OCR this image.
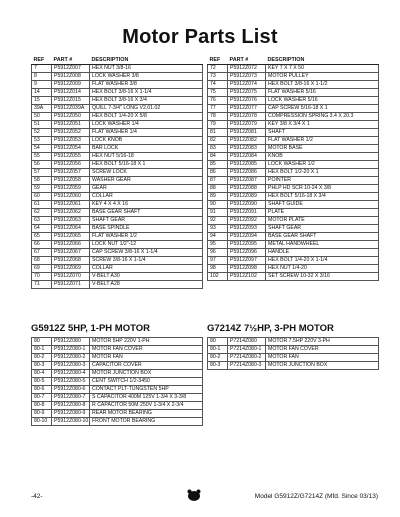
Motor Parts List
REF	PART #	DESCRIPTION
7	P5912Z007	HEX NUT 3/8-16
8	P5912Z008	LOCK WASHER 3/8
9	P5912Z009	FLAT WASHER 3/8
14	P5912Z014	HEX BOLT 3/8-16 X 1-1/4
15	P5912Z015	HEX BOLT 3/8-16 X 3/4
39A	P5912Z039A	QUILL 7-3/4" LONG V2.01.02
50	P5912Z050	HEX BOLT 1/4-20 X 5/8
51	P5912Z051	LOCK WASHER 1/4
52	P5912Z052	FLAT WASHER 1/4
53	P5912Z053	LOCK KNOB
54	P5912Z054	BAR LOCK
55	P5912Z055	HEX NUT 5/16-18
56	P5912Z056	HEX BOLT 5/16-18 X 1
57	P5912Z057	SCREW LOCK
58	P5912Z058	WASHER GEAR
59	P5912Z059	GEAR
60	P5912Z060	COLLAR
61	P5912Z061	KEY 4 X 4 X 16
62	P5912Z062	BASE GEAR SHAFT
63	P5912Z063	SHAFT GEAR
64	P5912Z064	BASE SPINDLE
65	P5912Z065	FLAT WASHER 1/2
66	P5912Z066	LOCK NUT 1/2"-12
67	P5912Z067	CAP SCREW 3/8-16 X 1-1/4
68	P5912Z068	SCREW 3/8-16 X 1-1/4
69	P5912Z069	COLLAR
70	P5912Z070	V-BELT A30
71	P5912Z071	V-BELT A28
REF	PART #	DESCRIPTION
72	P5912Z072	KEY 7 X 7 X 50
73	P5912Z073	MOTOR PULLEY
74	P5912Z074	HEX BOLT 3/8-16 X 1-1/2
75	P5912Z075	FLAT WASHER 5/16
76	P5912Z076	LOCK WASHER 5/16
77	P5912Z077	CAP SCREW 5/16-18 X 1
78	P5912Z078	COMPRESSION SPRING 3.4 X 20.3
79	P5912Z079	KEY 3/8 X 3/4 X 1
81	P5912Z081	SHAFT
82	P5912Z082	FLAT WASHER 1/2
83	P5912Z083	MOTOR BASE
84	P5912Z084	KNOB
85	P5912Z085	LOCK WASHER 1/2
86	P5912Z086	HEX BOLT 1/2-20 X 1
87	P5912Z087	POINTER
88	P5912Z088	PHLP HD SCR 10-24 X 3/8
89	P5912Z089	HEX BOLT 5/16-18 X 3/4
90	P5912Z090	SHAFT GUIDE
91	P5912Z091	PLATE
92	P5912Z092	MOTOR PLATE
93	P5912Z093	SHAFT GEAR
94	P5912Z094	BASE GEAR SHAFT
95	P5912Z095	METAL HANDWHEEL
96	P5912Z096	HANDLE
97	P5912Z097	HEX BOLT 1/4-20 X 1-1/4
98	P5912Z098	HEX NUT 1/4-20
102	P5912Z102	SET SCREW 10-32 X 3/16
G5912Z 5HP, 1-PH MOTOR	G7214Z 7½HP, 3-PH MOTOR
80	P5912Z080	MOTOR 5HP 220V 1-PH
80-1	P5912Z080-1	MOTOR FAN COVER
80-2	P5912Z080-2	MOTOR FAN
80-3	P5912Z080-3	CAPACITOR COVER
80-4	P5912Z080-4	MOTOR JUNCTION BOX
80-5	P5912Z080-5	CENT SWITCH 1/2-3450
80-6	P5912Z080-6	CONTACT PLT-TUNGSTEN 5HP
80-7	P5912Z080-7	S CAPACITOR 400M 125V 1-3/4 X 3-3/8
80-8	P5912Z080-8	R CAPACITOR 50M 250V 1-3/4 X 2-3/4
80-9	P5912Z080-9	REAR MOTOR BEARING
80-10	P5912Z080-10	FRONT MOTOR BEARING
80	P7214Z080	MOTOR 7.5HP 220V 3-PH
80-1	P7214Z080-1	MOTOR FAN COVER
80-2	P7214Z080-2	MOTOR FAN
80-3	P7214Z080-3	MOTOR JUNCTION BOX
-42-	Model G5912Z/G7214Z (Mfd. Since 03/13)
